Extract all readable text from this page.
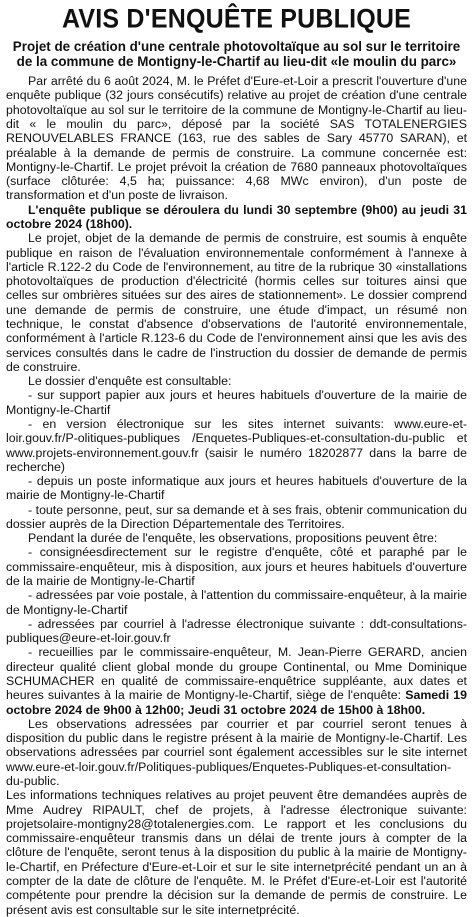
AVIS D'ENQUÊTE PUBLIQUE
Projet de création d'une centrale photovoltaïque au sol sur le territoire de la commune de Montigny-le-Chartif au lieu-dit «le moulin du parc»

Par arrêté du 6 août 2024, M. le Préfet d'Eure-et-Loir a prescrit l'ouverture d'une enquête publique (32 jours consécutifs) relative au projet de création d'une centrale photovoltaïque au sol sur le territoire de la commune de Montigny-le-Chartif au lieu-dit « le moulin du parc», déposé par la société SAS TOTALENERGIES RENOUVELABLES FRANCE (163, rue des sables de Sary 45770 SARAN), et préalable à la demande de permis de construire. La commune concernée est: Montigny-le-Chartif. Le projet prévoit la création de 7680 panneaux photovoltaïques (surface clôturée: 4,5 ha; puissance: 4,68 MWc environ), d'un poste de transformation et d'un poste de livraison.

L'enquête publique se déroulera du lundi 30 septembre (9h00) au jeudi 31 octobre 2024 (18h00).

Le projet, objet de la demande de permis de construire, est soumis à enquête publique en raison de l'évaluation environnementale conformément à l'annexe à l'article R.122-2 du Code de l'environnement, au titre de la rubrique 30 «installations photovoltaïques de production d'électricité (hormis celles sur toitures ainsi que celles sur ombrières situées sur des aires de stationnement». Le dossier comprend une demande de permis de construire, une étude d'impact, un résumé non technique, le constat d'absence d'observations de l'autorité environnementale, conformément à l'article R.123-6 du Code de l'environnement ainsi que les avis des services consultés dans le cadre de l'instruction du dossier de demande de permis de construire.

Le dossier d'enquête est consultable:

- sur support papier aux jours et heures habituels d'ouverture de la mairie de Montigny-le-Chartif

- en version électronique sur les sites internet suivants: www.eure-et-loir.gouv.fr/P-olitiques-publiques /Enquetes-Publiques-et-consultation-du-public et www.projets-environnement.gouv.fr (saisir le numéro 18202877 dans la barre de recherche)

- depuis un poste informatique aux jours et heures habituels d'ouverture de la mairie de Montigny-le-Chartif

- toute personne, peut, sur sa demande et à ses frais, obtenir communication du dossier auprès de la Direction Départementale des Territoires.

Pendant la durée de l'enquête, les observations, propositions peuvent être:

- consignéesdirectement sur le registre d'enquête, côté et paraphé par le commissaire-enquêteur, mis à disposition, aux jours et heures habituels d'ouverture de la mairie de Montigny-le-Chartif

- adressées par voie postale, à l'attention du commissaire-enquêteur, à la mairie de Montigny-le-Chartif

- adressées par courriel à l'adresse électronique suivante : ddt-consultations-publiques@eure-et-loir.gouv.fr

- recueillies par le commissaire-enquêteur, M. Jean-Pierre GERARD, ancien directeur qualité client global monde du groupe Continental, ou Mme Dominique SCHUMACHER en qualité de commissaire-enquêtrice suppléante, aux dates et heures suivantes à la mairie de Montigny-le-Chartif, siège de l'enquête: Samedi 19 octobre 2024 de 9h00 à 12h00; Jeudi 31 octobre 2024 de 15h00 à 18h00.

Les observations adressées par courrier et par courriel seront tenues à disposition du public dans le registre présent à la mairie de Montigny-le-Chartif. Les observations adressées par courriel sont également accessibles sur le site internet www.eure-et-loir.gouv.fr/Politiques-publiques/Enquetes-Publiques-et-consultation-du-public.

Les informations techniques relatives au projet peuvent être demandées auprès de Mme Audrey RIPAULT, chef de projets, à l'adresse électronique suivante: projetsolaire-montigny28@totalenergies.com. Le rapport et les conclusions du commissaire-enquêteur transmis dans un délai de trente jours à compter de la clôture de l'enquête, seront tenus à la disposition du public à la mairie de Montigny-le-Chartif, en Préfecture d'Eure-et-Loir et sur le site internetprécité pendant un an à compter de la date de clôture de l'enquête. M. le Préfet d'Eure-et-Loir est l'autorité compétente pour prendre la décision sur la demande de permis de construire. Le présent avis est consultable sur le site internetprécité.
